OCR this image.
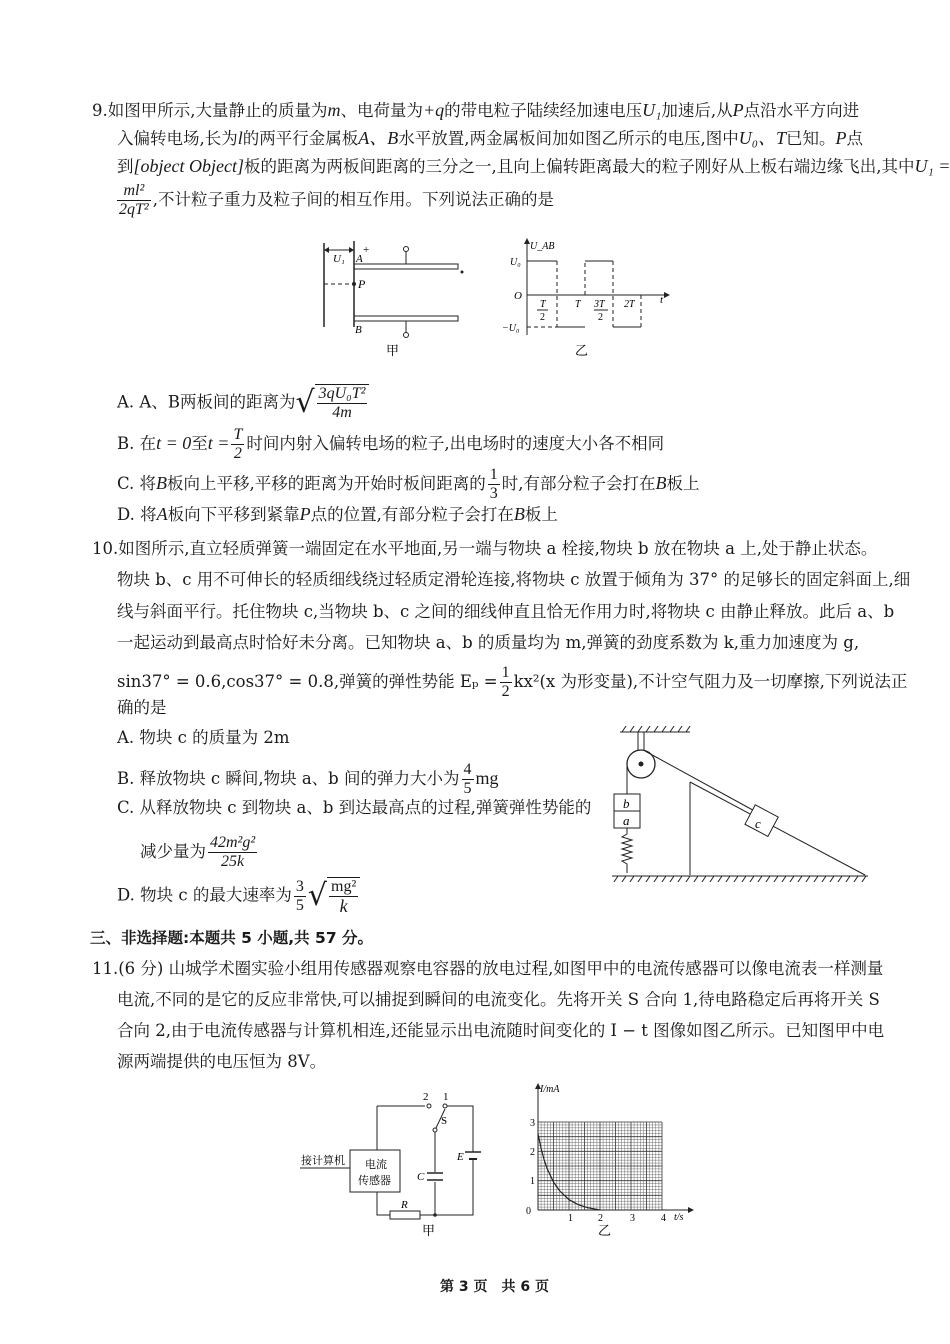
9.如图甲所示,大量静止的质量为m、电荷量为+q的带电粒子陆续经加速电压U₁加速后,从P点沿水平方向进
入偏转电场,长为l的两平行金属板A、B水平放置,两金属板间加如图乙所示的电压,图中U₀、T已知。P点
到[object Object]板的距离为两板间距离的三分之一,且向上偏转距离最大的粒子刚好从上板右端边缘飞出,其中U₁ =
$\frac{\text{ml²}}{\text{2qT²}}$ ,不计粒子重力及粒子间的相互作用。下列说法正确的是
U₁ A
+
P
B
甲
U_AB
U₀
O
−U₀
T
2
T 3T
2
2T t
乙
A. A、B两板间的距离为√ $\frac{\text{3qU₀T²}}{4m}$
B. 在t = 0至$t = \frac{T}{2}$ 时间内射入偏转电场的粒子,出电场时的速度大小各不相同
C. 将B板向上平移,平移的距离为开始时板间距离的 $\frac{1}{3}$ 时,有部分粒子会打在B板上
D. 将A板向下平移到紧靠P点的位置,有部分粒子会打在B板上
10.如图所示,直立轻质弹簧一端固定在水平地面,另一端与物块 a 栓接,物块 b 放在物块 a 上,处于静止状态。
物块 b、c 用不可伸长的轻质细线绕过轻质定滑轮连接,将物块 c 放置于倾角为 37° 的足够长的固定斜面上,细
线与斜面平行。托住物块 c,当物块 b、c 之间的细线伸直且恰无作用力时,将物块 c 由静止释放。此后 a、b
一起运动到最高点时恰好未分离。已知物块 a、b 的质量均为 m,弹簧的劲度系数为 k,重力加速度为 g,
sin37° = 0.6,cos37° = 0.8,弹簧的弹性势能 $E_p = \frac{1}{2} kx^2(x$ 为形变量),不计空气阻力及一切摩擦,下列说法正
确的是
A. 物块 c 的质量为 2m
B. 释放物块 c 瞬间,物块 a、b 间的弹力大小为 $\frac{4}{5}$ mg
C. 从释放物块 c 到物块 a、b 到达最高点的过程,弹簧弹性势能的
减少量为 $\frac{\text{42m²g²}}{25k}$
D. 物块 c 的最大速率为 $\frac{3}{5}$ √ $\frac{\text{mg²}}{k}$
b
a	c
三、非选择题:本题共 5 小题,共 57 分。
11.(6 分) 山城学术圈实验小组用传感器观察电容器的放电过程,如图甲中的电流传感器可以像电流表一样测量
电流,不同的是它的反应非常快,可以捕捉到瞬间的电流变化。先将开关 S 合向 1,待电路稳定后再将开关 S
合向 2,由于电流传感器与计算机相连,还能显示出电流随时间变化的 I − t 图像如图乙所示。已知图甲中电
源两端提供的电压恒为 8V。
接计算机 电流
传感器
2 1
S
C
E
R
甲
I/mA
t/s
0
1
2
3
1	2	3	4
乙
第 3 页　共 6 页
